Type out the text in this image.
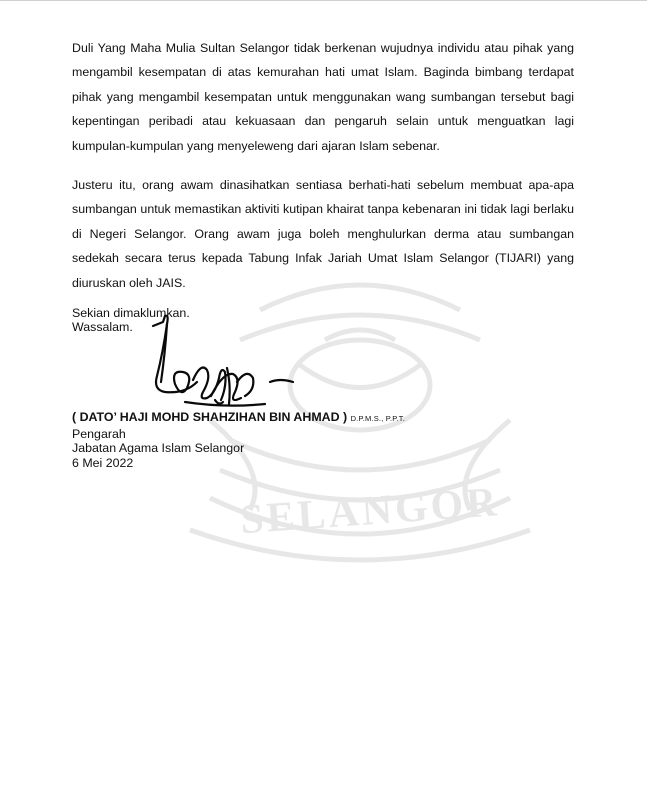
SELANGOR

Duli Yang Maha Mulia Sultan Selangor tidak berkenan wujudnya individu atau pihak yang mengambil kesempatan di atas kemurahan hati umat Islam. Baginda bimbang terdapat pihak yang mengambil kesempatan untuk menggunakan wang sumbangan tersebut bagi kepentingan peribadi atau kekuasaan dan pengaruh selain untuk menguatkan lagi kumpulan-kumpulan yang menyeleweng dari ajaran Islam sebenar.

Justeru itu, orang awam dinasihatkan sentiasa berhati-hati sebelum membuat apa-apa sumbangan untuk memastikan aktiviti kutipan khairat tanpa kebenaran ini tidak lagi berlaku di Negeri Selangor. Orang awam juga boleh menghulurkan derma atau sumbangan sedekah secara terus kepada Tabung Infak Jariah Umat Islam Selangor (TIJARI) yang diuruskan oleh JAIS.

Sekian dimaklumkan.
Wassalam.
( DATO’ HAJI MOHD SHAHZIHAN BIN AHMAD ) D.P.M.S., P.P.T.
Pengarah
Jabatan Agama Islam Selangor
6 Mei 2022
